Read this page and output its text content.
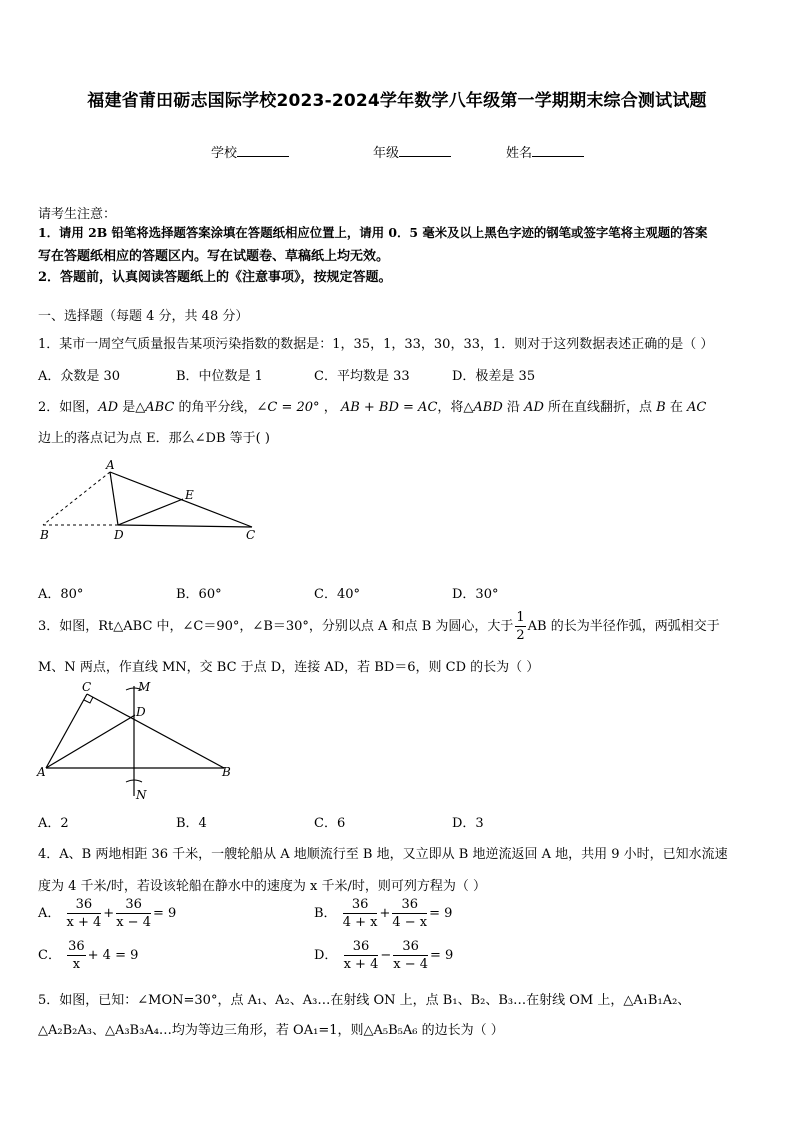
福建省莆田砺志国际学校2023-2024学年数学八年级第一学期期末综合测试试题
学校	年级	姓名
请考生注意：
1．请用 2B 铅笔将选择题答案涂填在答题纸相应位置上，请用 0．5 毫米及以上黑色字迹的钢笔或签字笔将主观题的答案
写在答题纸相应的答题区内。写在试题卷、草稿纸上均无效。
2．答题前，认真阅读答题纸上的《注意事项》，按规定答题。
一、选择题（每题 4 分，共 48 分）
1．某市一周空气质量报告某项污染指数的数据是：1，35，1，33，30，33，1．则对于这列数据表述正确的是（ ）
A．众数是 30	B．中位数是 1	C．平均数是 33	D．极差是 35
2．如图，AD 是△ABC 的角平分线，∠C = 20° ， AB + BD = AC，将△ABD 沿 AD 所在直线翻折，点 B 在 AC
边上的落点记为点 E．那么∠DB 等于( )
A
B	D	C
E
A．80°	B．60°	C．40°	D．30°
3．如图，Rt△ABC 中，∠C＝90°，∠B＝30°，分别以点 A 和点 B 为圆心，大于 $\frac{1}{2}$ AB 的长为半径作弧，两弧相交于
M、N 两点，作直线 MN，交 BC 于点 D，连接 AD，若 BD＝6，则 CD 的长为（ ）
C	M
D
A	B
N
A．2	B．4	C．6	D．3
4．A、B 两地相距 36 千米，一艘轮船从 A 地顺流行至 B 地，又立即从 B 地逆流返回 A 地，共用 9 小时，已知水流速
度为 4 千米/时，若设该轮船在静水中的速度为 x 千米/时，则可列方程为（ ）
A． $\frac{36}{x + 4} + \frac{36}{x - 4} = 9$	B． $\frac{36}{4 + x} + \frac{36}{4 - x} = 9$
C． $\frac{36}{x} + 4 = 9$	D． $\frac{36}{x + 4} - \frac{36}{x - 4} = 9$
5．如图，已知：∠MON=30°，点 A₁、A₂、A₃…在射线 ON 上，点 B₁、B₂、B₃…在射线 OM 上，△A₁B₁A₂、
△A₂B₂A₃、△A₃B₃A₄…均为等边三角形，若 OA₁=1，则△A₅B₅A₆ 的边长为（ ）
